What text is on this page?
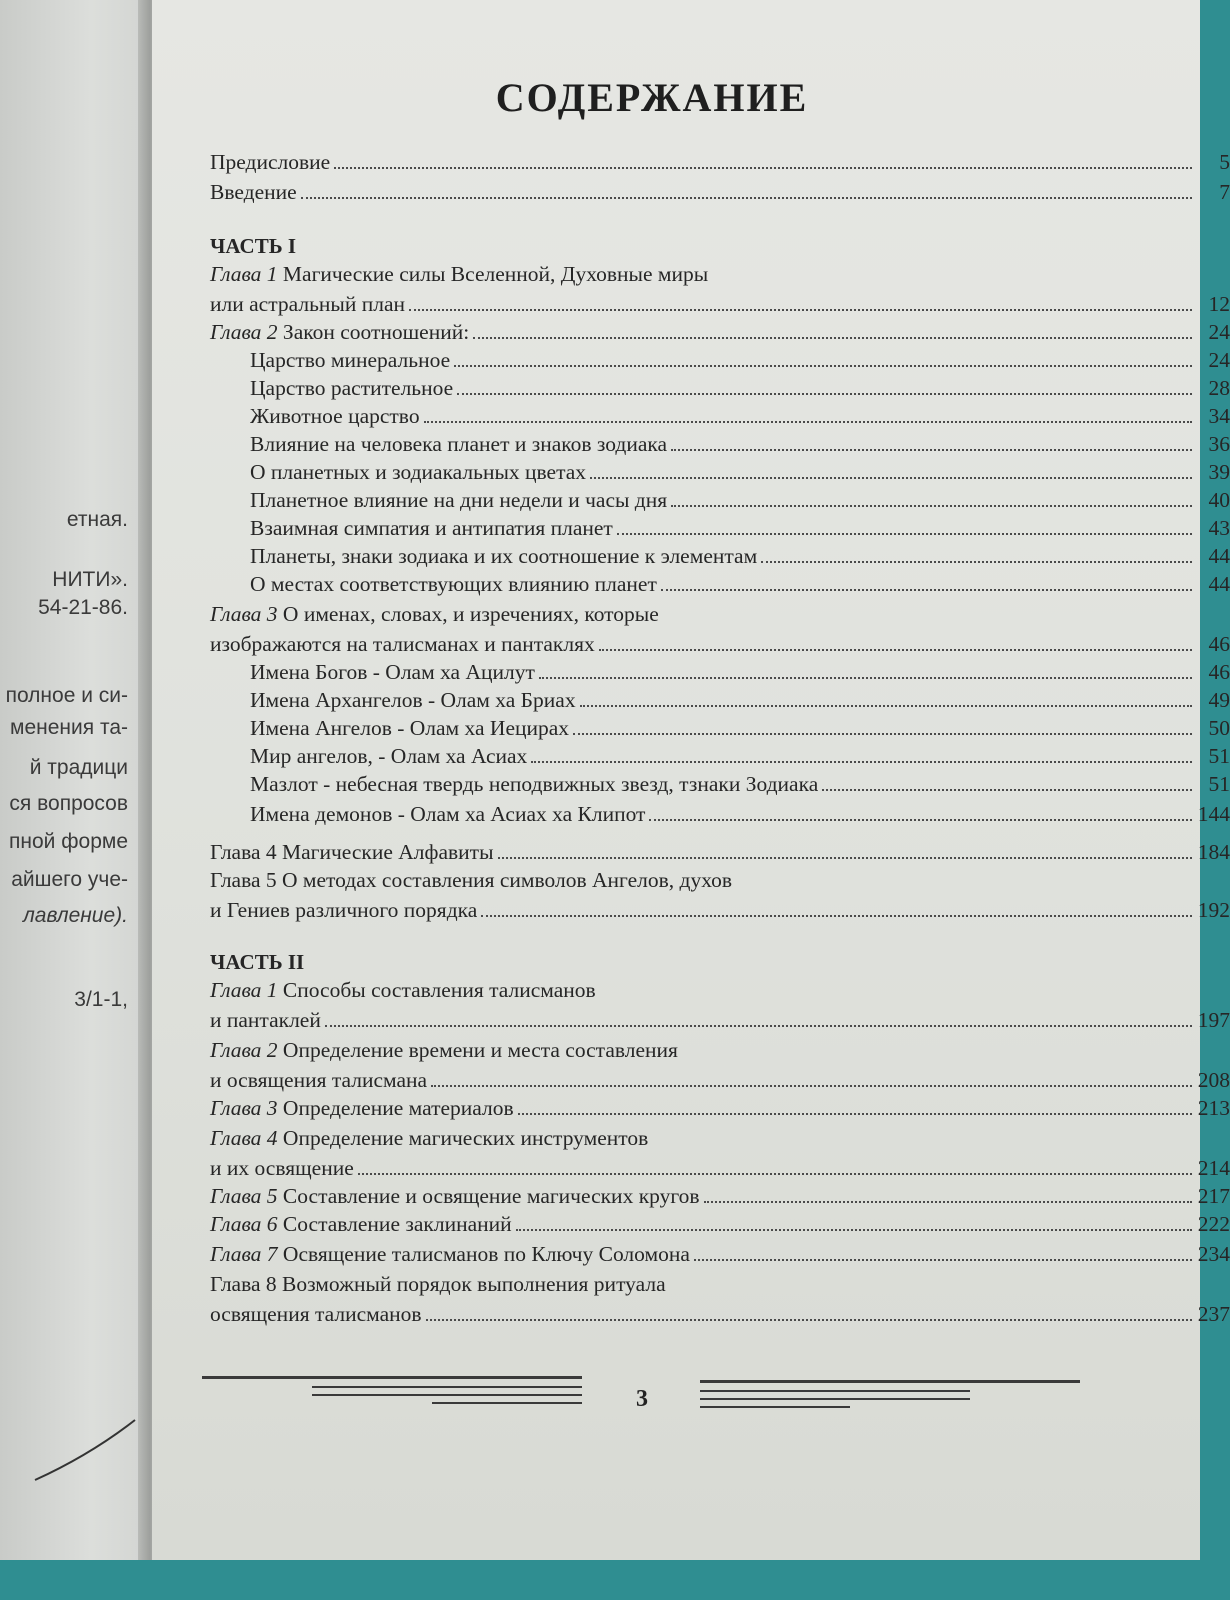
етная.
НИТИ».
54-21-86.
полное и си-
менения та-
й традици
ся вопросов
пной форме
айшего уче-
лавление).
3/1-1,
СОДЕРЖАНИЕ
Предисловие	5
Введение	7
ЧАСТЬ I
Глава 1 Магические силы Вселенной, Духовные миры
или астральный план	12
Глава 2 Закон соотношений:	24
Царство минеральное	24
Царство растительное	28
Животное царство	34
Влияние на человека планет и знаков зодиака	36
О планетных и зодиакальных цветах	39
Планетное влияние на дни недели и часы дня	40
Взаимная симпатия и антипатия планет	43
Планеты, знаки зодиака и их соотношение к элементам	44
О местах соответствующих влиянию планет	44
Глава 3 О именах, словах, и изречениях, которые
изображаются на талисманах и пантаклях	46
Имена Богов - Олам ха Ацилут	46
Имена Архангелов - Олам ха Бриах	49
Имена Ангелов - Олам ха Иецирах	50
Мир ангелов, - Олам ха Асиах	51
Мазлот - небесная твердь неподвижных звезд, тзнаки Зодиака	51
Имена демонов - Олам ха Асиах ха Клипот	144
Глава 4 Магические Алфавиты	184
Глава 5 О методах составления символов Ангелов, духов
и Гениев различного порядка	192
ЧАСТЬ II
Глава 1 Способы составления талисманов
и пантаклей	197
Глава 2 Определение времени и места составления
и освящения талисмана	208
Глава 3 Определение материалов	213
Глава 4 Определение магических инструментов
и их освящение	214
Глава 5 Составление и освящение магических кругов	217
Глава 6 Составление заклинаний	222
Глава 7 Освящение талисманов по Ключу Соломона	234
Глава 8 Возможный порядок выполнения ритуала
освящения талисманов	237
3
